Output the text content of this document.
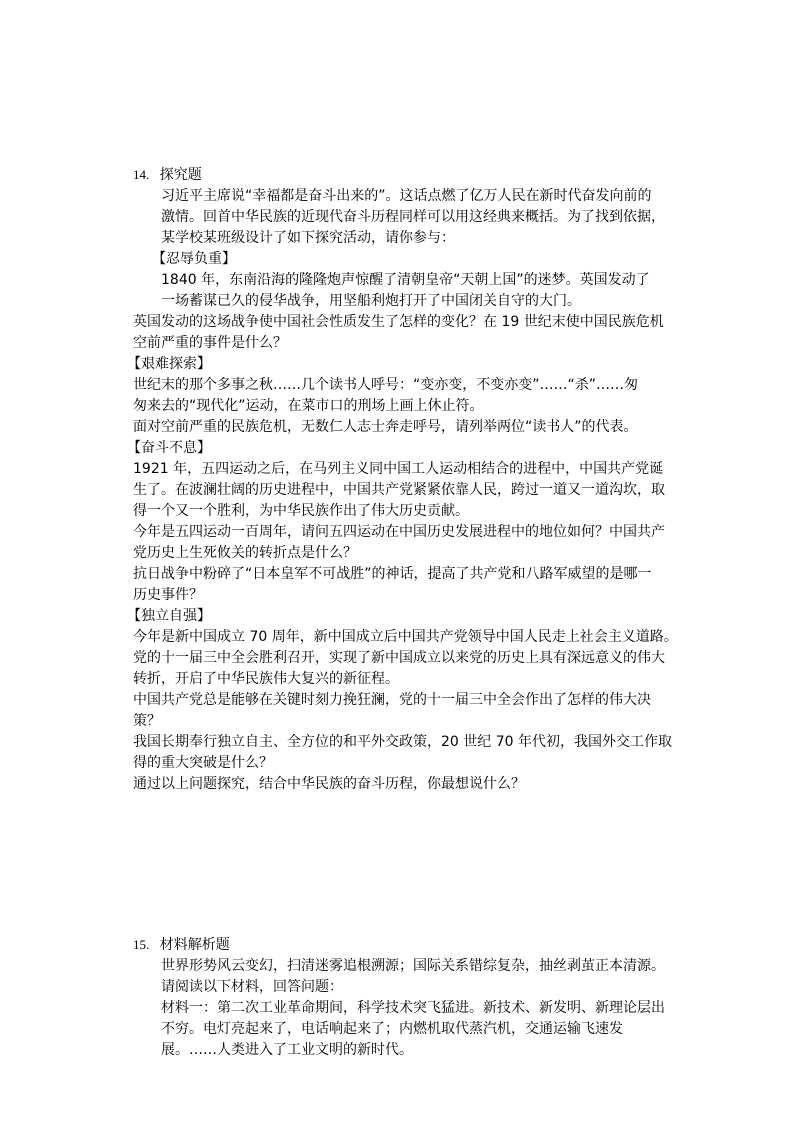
14. 探究题
习近平主席说“幸福都是奋斗出来的”。这话点燃了亿万人民在新时代奋发向前的
激情。回首中华民族的近现代奋斗历程同样可以用这经典来概括。为了找到依据，
某学校某班级设计了如下探究活动，请你参与：
【忍辱负重】
1840 年，东南沿海的隆隆炮声惊醒了清朝皇帝“天朝上国”的迷梦。英国发动了
一场蓄谋已久的侵华战争，用坚船利炮打开了中国闭关自守的大门。
英国发动的这场战争使中国社会性质发生了怎样的变化？在 19 世纪末使中国民族危机
空前严重的事件是什么？
【艰难探索】
世纪末的那个多事之秋……几个读书人呼号：“变亦变，不变亦变”……“杀”……匆
匆来去的“现代化”运动，在菜市口的刑场上画上休止符。
面对空前严重的民族危机，无数仁人志士奔走呼号，请列举两位“读书人”的代表。
【奋斗不息】
1921 年，五四运动之后，在马列主义同中国工人运动相结合的进程中，中国共产党诞
生了。在波澜壮阔的历史进程中，中国共产党紧紧依靠人民，跨过一道又一道沟坎，取
得一个又一个胜利，为中华民族作出了伟大历史贡献。
今年是五四运动一百周年，请问五四运动在中国历史发展进程中的地位如何？中国共产
党历史上生死攸关的转折点是什么？
抗日战争中粉碎了“日本皇军不可战胜”的神话，提高了共产党和八路军威望的是哪一
历史事件？
【独立自强】
今年是新中国成立 70 周年，新中国成立后中国共产党领导中国人民走上社会主义道路。
党的十一届三中全会胜利召开，实现了新中国成立以来党的历史上具有深远意义的伟大
转折，开启了中华民族伟大复兴的新征程。
中国共产党总是能够在关键时刻力挽狂澜，党的十一届三中全会作出了怎样的伟大决
策？
我国长期奉行独立自主、全方位的和平外交政策，20 世纪 70 年代初，我国外交工作取
得的重大突破是什么？
通过以上问题探究，结合中华民族的奋斗历程，你最想说什么？
15. 材料解析题
世界形势风云变幻，扫清迷雾追根溯源；国际关系错综复杂，抽丝剥茧正本清源。
请阅读以下材料，回答问题：
材料一：第二次工业革命期间，科学技术突飞猛进。新技术、新发明、新理论层出
不穷。电灯亮起来了，电话响起来了；内燃机取代蒸汽机，交通运输飞速发
展。……人类进入了工业文明的新时代。
